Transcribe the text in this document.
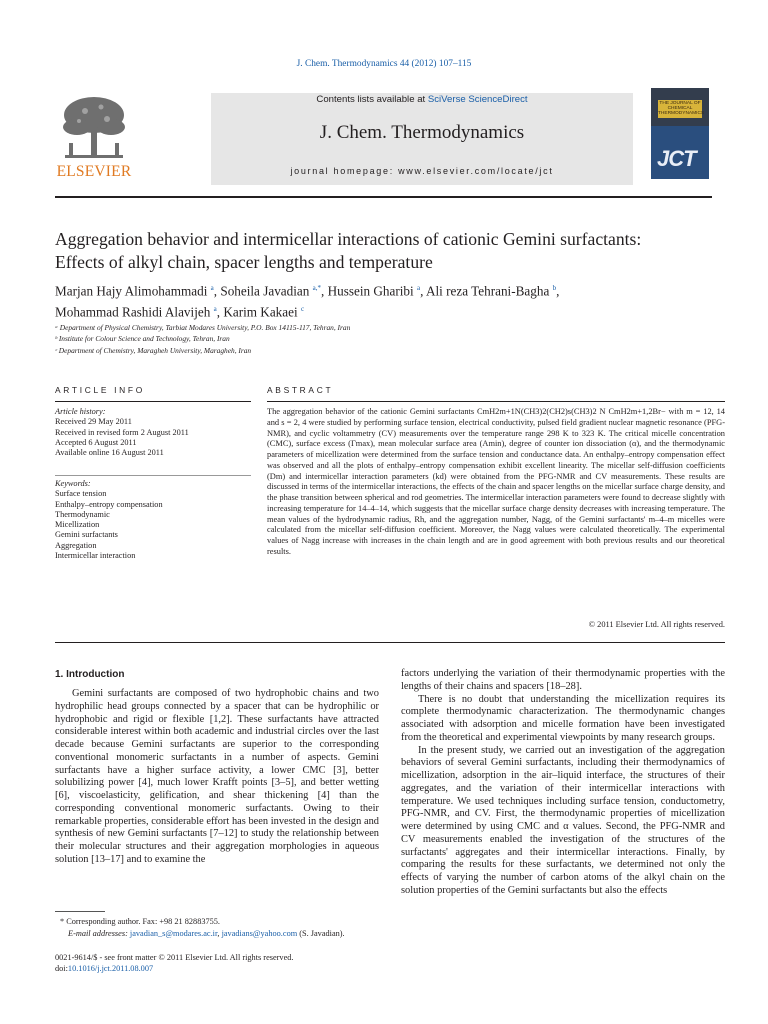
J. Chem. Thermodynamics 44 (2012) 107–115
ELSEVIER
Contents lists available at SciVerse ScienceDirect
J. Chem. Thermodynamics
journal homepage: www.elsevier.com/locate/jct
THE JOURNAL OF CHEMICAL THERMODYNAMICS
JCT
Aggregation behavior and intermicellar interactions of cationic Gemini surfactants: Effects of alkyl chain, spacer lengths and temperature
Marjan Hajy Alimohammadi $^a$, Soheila Javadian $^{a,*}$, Hussein Gharibi $^a$, Ali reza Tehrani-Bagha $^b$,
Mohammad Rashidi Alavijeh $^a$, Karim Kakaei $^c$
ᵃ Department of Physical Chemistry, Tarbiat Modares University, P.O. Box 14115-117, Tehran, Iran
ᵇ Institute for Colour Science and Technology, Tehran, Iran
ᶜ Department of Chemistry, Maragheh University, Maragheh, Iran
ARTICLE INFO	ABSTRACT
Article history:
Received 29 May 2011
Received in revised form 2 August 2011
Accepted 6 August 2011
Available online 16 August 2011
Keywords:
Surface tension
Enthalpy–entropy compensation
Thermodynamic
Micellization
Gemini surfactants
Aggregation
Intermicellar interaction
The aggregation behavior of the cationic Gemini surfactants CmH2m+1N(CH3)2(CH2)s(CH3)2 N CmH2m+1,2Br− with m = 12, 14 and s = 2, 4 were studied by performing surface tension, electrical conductivity, pulsed field gradient nuclear magnetic resonance (PFG-NMR), and cyclic voltammetry (CV) measurements over the temperature range 298 K to 323 K. The critical micelle concentration (CMC), surface excess (Γmax), mean molecular surface area (Amin), degree of counter ion dissociation (α), and the thermodynamic parameters of micellization were determined from the surface tension and conductance data. An enthalpy–entropy compensation effect was observed and all the plots of enthalpy–entropy compensation exhibit excellent linearity. The micellar self-diffusion coefficients (Dm) and intermicellar interaction parameters (kd) were obtained from the PFG-NMR and CV measurements. These results are discussed in terms of the intermicellar interactions, the effects of the chain and spacer lengths on the micellar surface charge density, and the phase transition between spherical and rod geometries. The intermicellar interaction parameters were found to decrease slightly with increasing temperature for 14–4–14, which suggests that the micellar surface charge density decreases with increasing temperature. The mean values of the hydrodynamic radius, Rh, and the aggregation number, Nagg, of the Gemini surfactants' m–4–m micelles were calculated from the micellar self-diffusion coefficient. Moreover, the Nagg values were calculated theoretically. The experimental values of Nagg increase with increases in the chain length and are in good agreement with both previous results and our theoretical results.
© 2011 Elsevier Ltd. All rights reserved.
1. Introduction

Gemini surfactants are composed of two hydrophobic chains and two hydrophilic head groups connected by a spacer that can be hydrophilic or hydrophobic and rigid or flexible [1,2]. These surfactants have attracted considerable interest within both academic and industrial circles over the last decade because Gemini surfactants are superior to the corresponding conventional monomeric surfactants in a number of aspects. Gemini surfactants have a higher surface activity, a lower CMC [3], better solubilizing power [4], much lower Krafft points [3–5], and better wetting [6], viscoelasticity, gelification, and shear thickening [4] than the corresponding conventional monomeric surfactants. Owing to their remarkable properties, considerable effort has been invested in the design and synthesis of new Gemini surfactants [7–12] to study the relationship between their molecular structures and their aggregation morphologies in aqueous solution [13–17] and to examine the

factors underlying the variation of their thermodynamic properties with the lengths of their chains and spacers [18–28].

There is no doubt that understanding the micellization requires its complete thermodynamic characterization. The thermodynamic changes associated with adsorption and micelle formation have been investigated from the theoretical and experimental viewpoints by many research groups.

In the present study, we carried out an investigation of the aggregation behaviors of several Gemini surfactants, including their thermodynamics of micellization, adsorption in the air–liquid interface, the structures of their aggregates, and the variation of their intermicellar interactions with temperature. We used techniques including surface tension, conductometry, PFG-NMR, and CV. First, the thermodynamic properties of micellization were determined by using CMC and α values. Second, the PFG-NMR and CV measurements enabled the investigation of the structures of the surfactants' aggregates and their intermicellar interactions. Finally, by comparing the results for these surfactants, we determined not only the effects of varying the number of carbon atoms of the alkyl chain on the solution properties of the Gemini surfactants but also the effects

* Corresponding author. Fax: +98 21 82883755.
E-mail addresses: javadian_s@modares.ac.ir, javadians@yahoo.com (S. Javadian).
0021-9614/$ - see front matter © 2011 Elsevier Ltd. All rights reserved.
doi:10.1016/j.jct.2011.08.007
